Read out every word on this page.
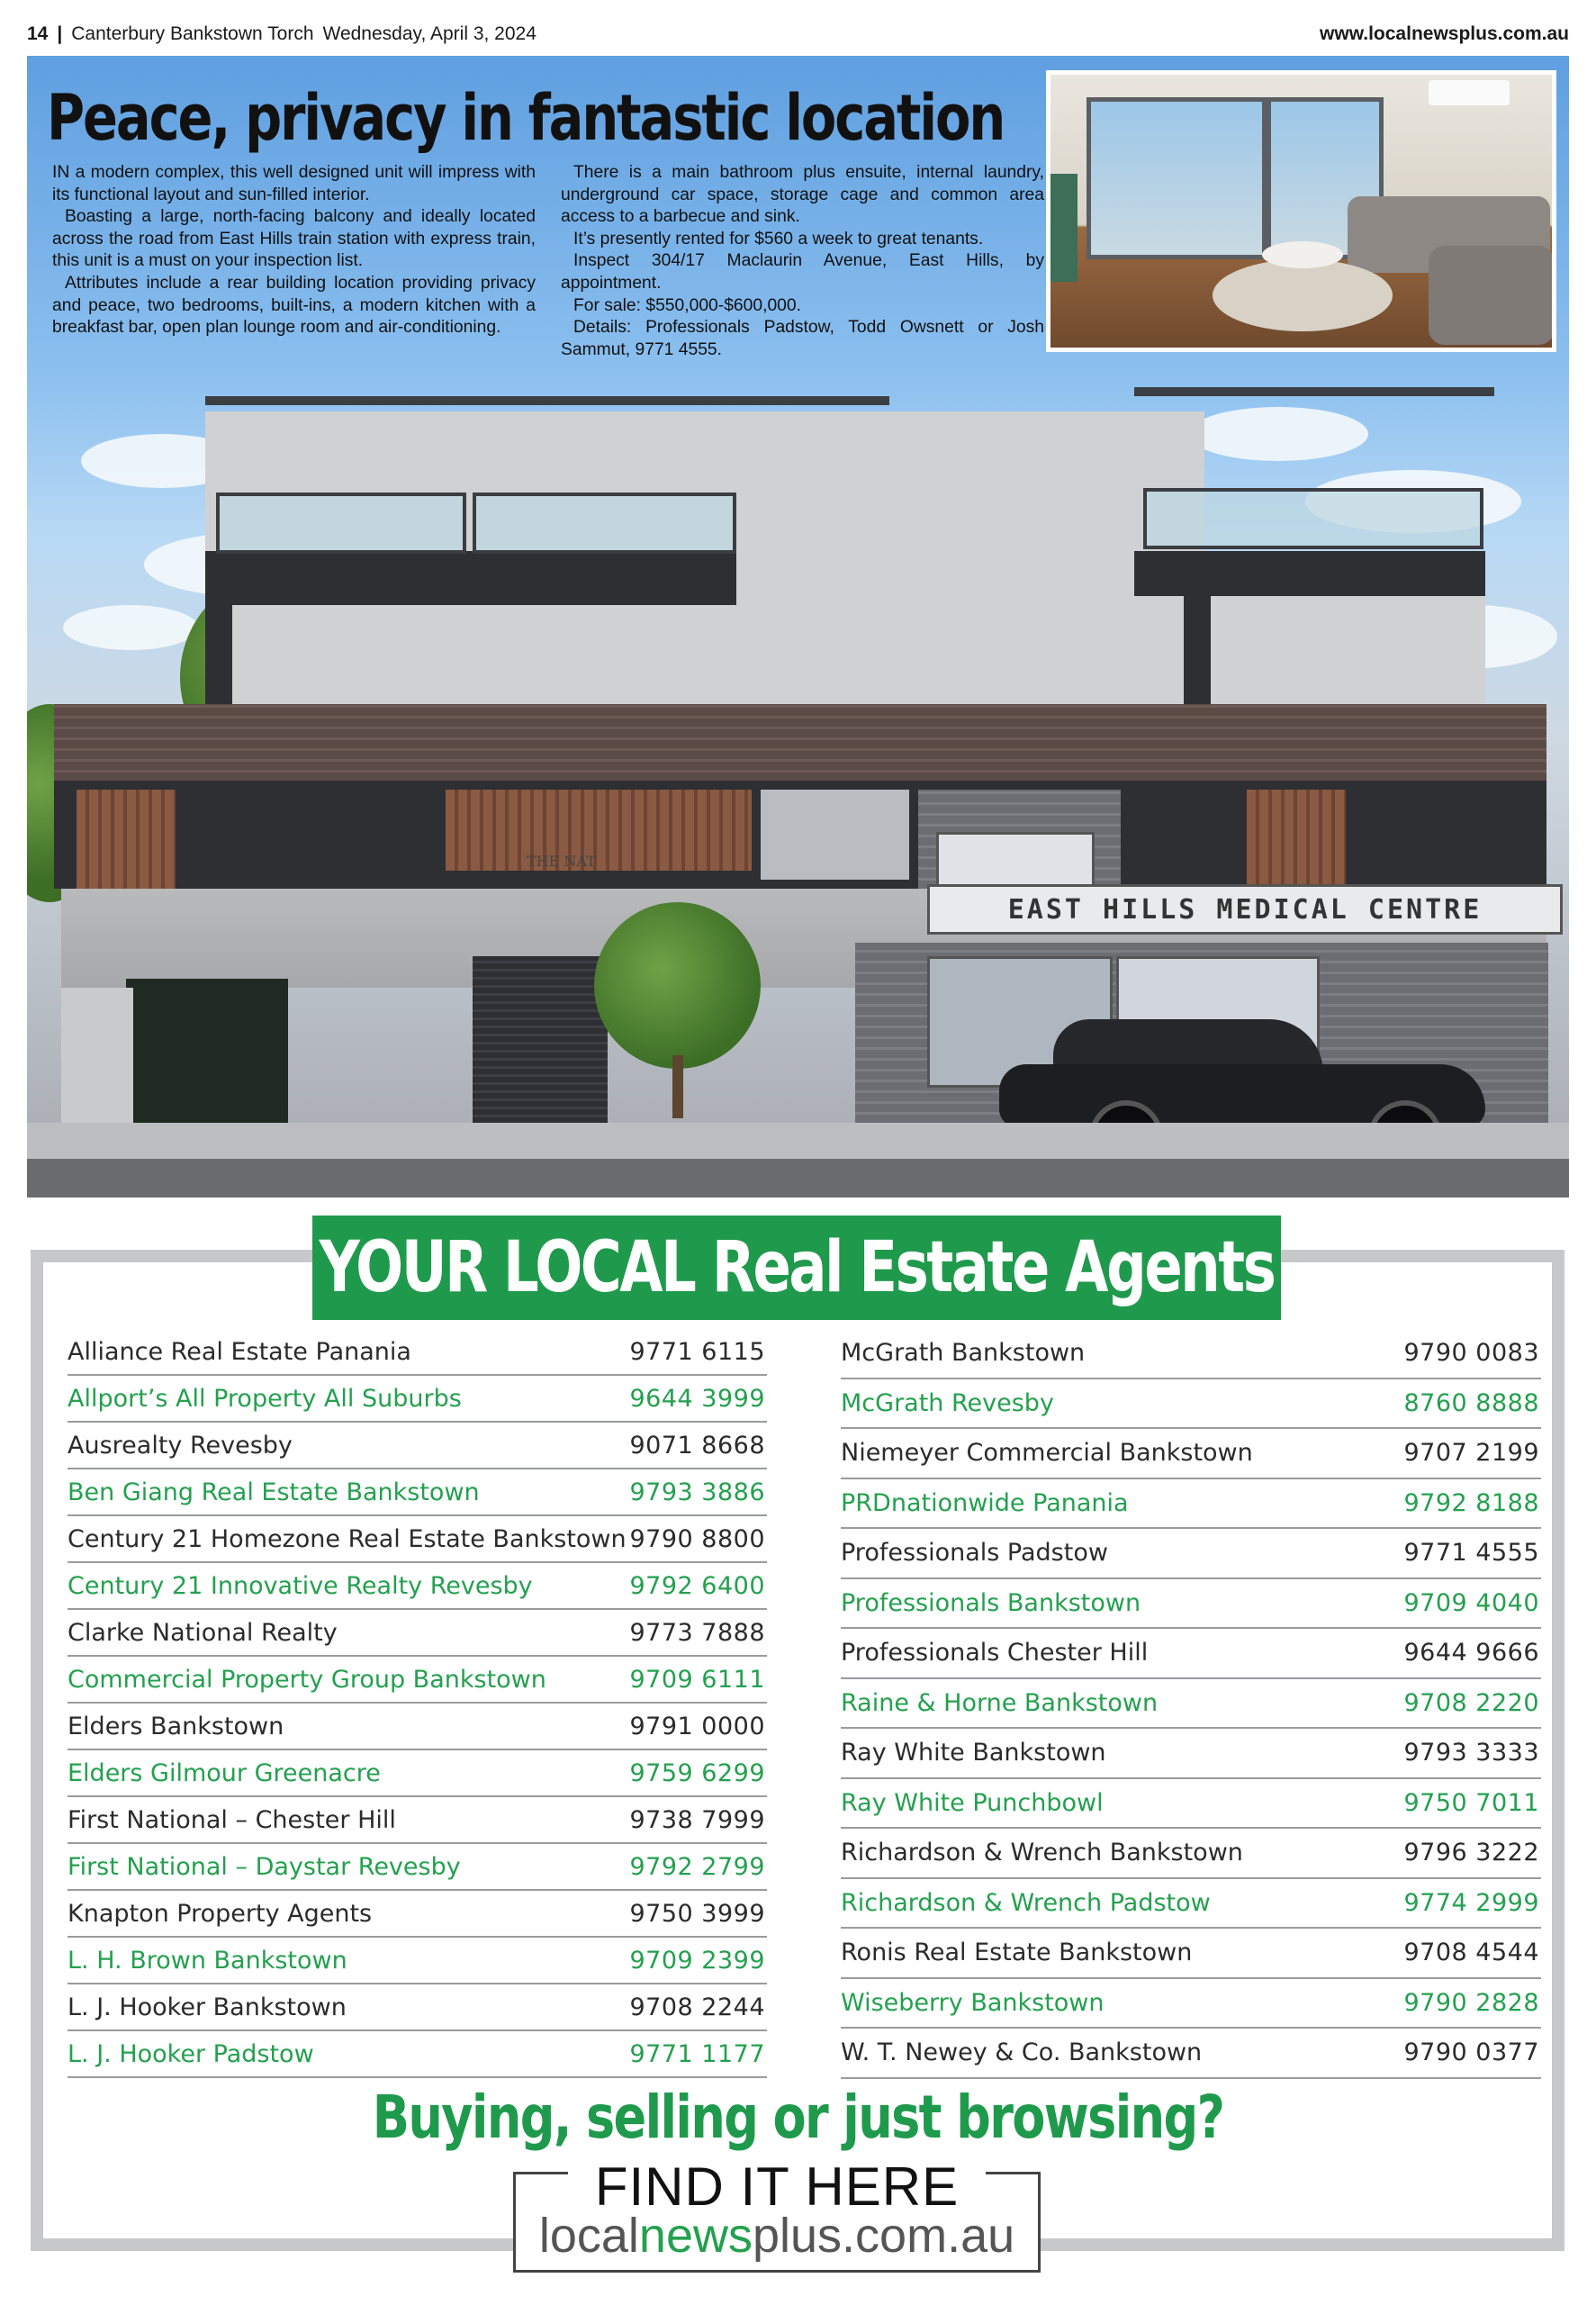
14 | Canterbury Bankstown Torch Wednesday, April 3, 2024	www.localnewsplus.com.au
EAST HILLS MEDICAL CENTRE
THE NAT
Peace, privacy in fantastic location

IN a modern complex, this well designed unit will impress with its functional layout and sun-filled interior.

Boasting a large, north-facing balcony and ideally located across the road from East Hills train station with express train, this unit is a must on your inspection list.

Attributes include a rear building location providing privacy and peace, two bedrooms, built-ins, a modern kitchen with a breakfast bar, open plan lounge room and air-conditioning.

There is a main bathroom plus ensuite, internal laundry, underground car space, storage cage and common area access to a barbecue and sink.

It’s presently rented for $560 a week to great tenants.

Inspect 304/17 Maclaurin Avenue, East Hills, by appointment.

For sale: $550,000-$600,000.

Details: Professionals Padstow, Todd Owsnett or Josh Sammut, 9771 4555.

YOUR LOCAL Real Estate Agents
Alliance Real Estate Panania	9771 6115
Allport’s All Property All Suburbs	9644 3999
Ausrealty Revesby	9071 8668
Ben Giang Real Estate Bankstown	9793 3886
Century 21 Homezone Real Estate Bankstown 9790 8800
Century 21 Innovative Realty Revesby	9792 6400
Clarke National Realty	9773 7888
Commercial Property Group Bankstown	9709 6111
Elders Bankstown	9791 0000
Elders Gilmour Greenacre	9759 6299
First National – Chester Hill	9738 7999
First National – Daystar Revesby	9792 2799
Knapton Property Agents	9750 3999
L. H. Brown Bankstown	9709 2399
L. J. Hooker Bankstown	9708 2244
L. J. Hooker Padstow	9771 1177
McGrath Bankstown	9790 0083
McGrath Revesby	8760 8888
Niemeyer Commercial Bankstown	9707 2199
PRDnationwide Panania	9792 8188
Professionals Padstow	9771 4555
Professionals Bankstown	9709 4040
Professionals Chester Hill	9644 9666
Raine & Horne Bankstown	9708 2220
Ray White Bankstown	9793 3333
Ray White Punchbowl	9750 7011
Richardson & Wrench Bankstown	9796 3222
Richardson & Wrench Padstow	9774 2999
Ronis Real Estate Bankstown	9708 4544
Wiseberry Bankstown	9790 2828
W. T. Newey & Co. Bankstown	9790 0377
Buying, selling or just browsing?
FIND IT HERE
localnewsplus.com.au
